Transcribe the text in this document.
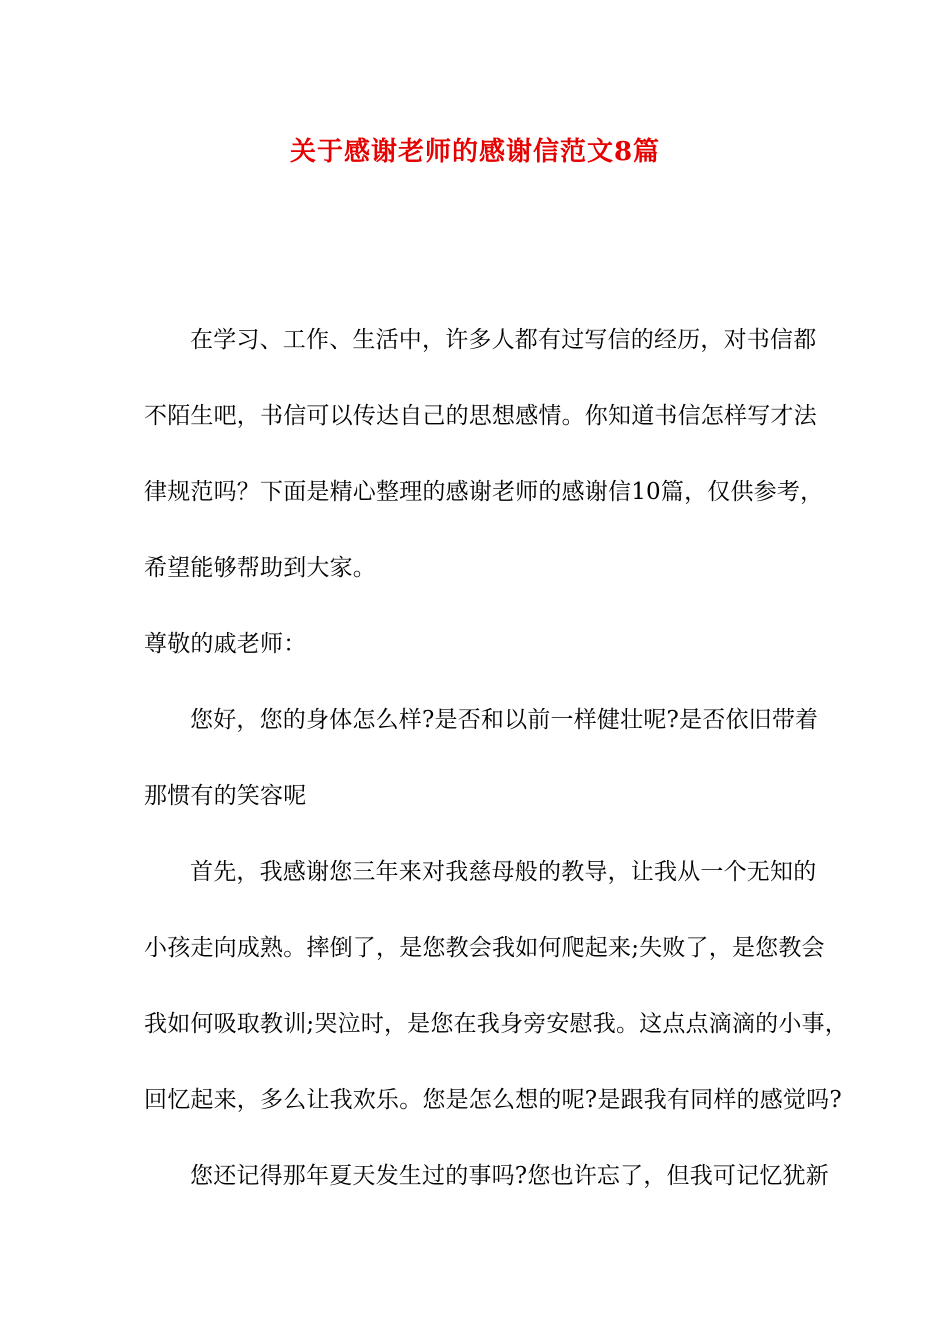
关于感谢老师的感谢信范文8篇
在学习、工作、生活中，许多人都有过写信的经历，对书信都
不陌生吧，书信可以传达自己的思想感情。你知道书信怎样写才法
律规范吗？下面是精心整理的感谢老师的感谢信10篇，仅供参考，
希望能够帮助到大家。
尊敬的戚老师：
您好，您的身体怎么样?是否和以前一样健壮呢?是否依旧带着
那惯有的笑容呢
首先，我感谢您三年来对我慈母般的教导，让我从一个无知的
小孩走向成熟。摔倒了，是您教会我如何爬起来;失败了，是您教会
我如何吸取教训;哭泣时，是您在我身旁安慰我。这点点滴滴的小事，
回忆起来，多么让我欢乐。您是怎么想的呢?是跟我有同样的感觉吗?
您还记得那年夏天发生过的事吗?您也许忘了，但我可记忆犹新
